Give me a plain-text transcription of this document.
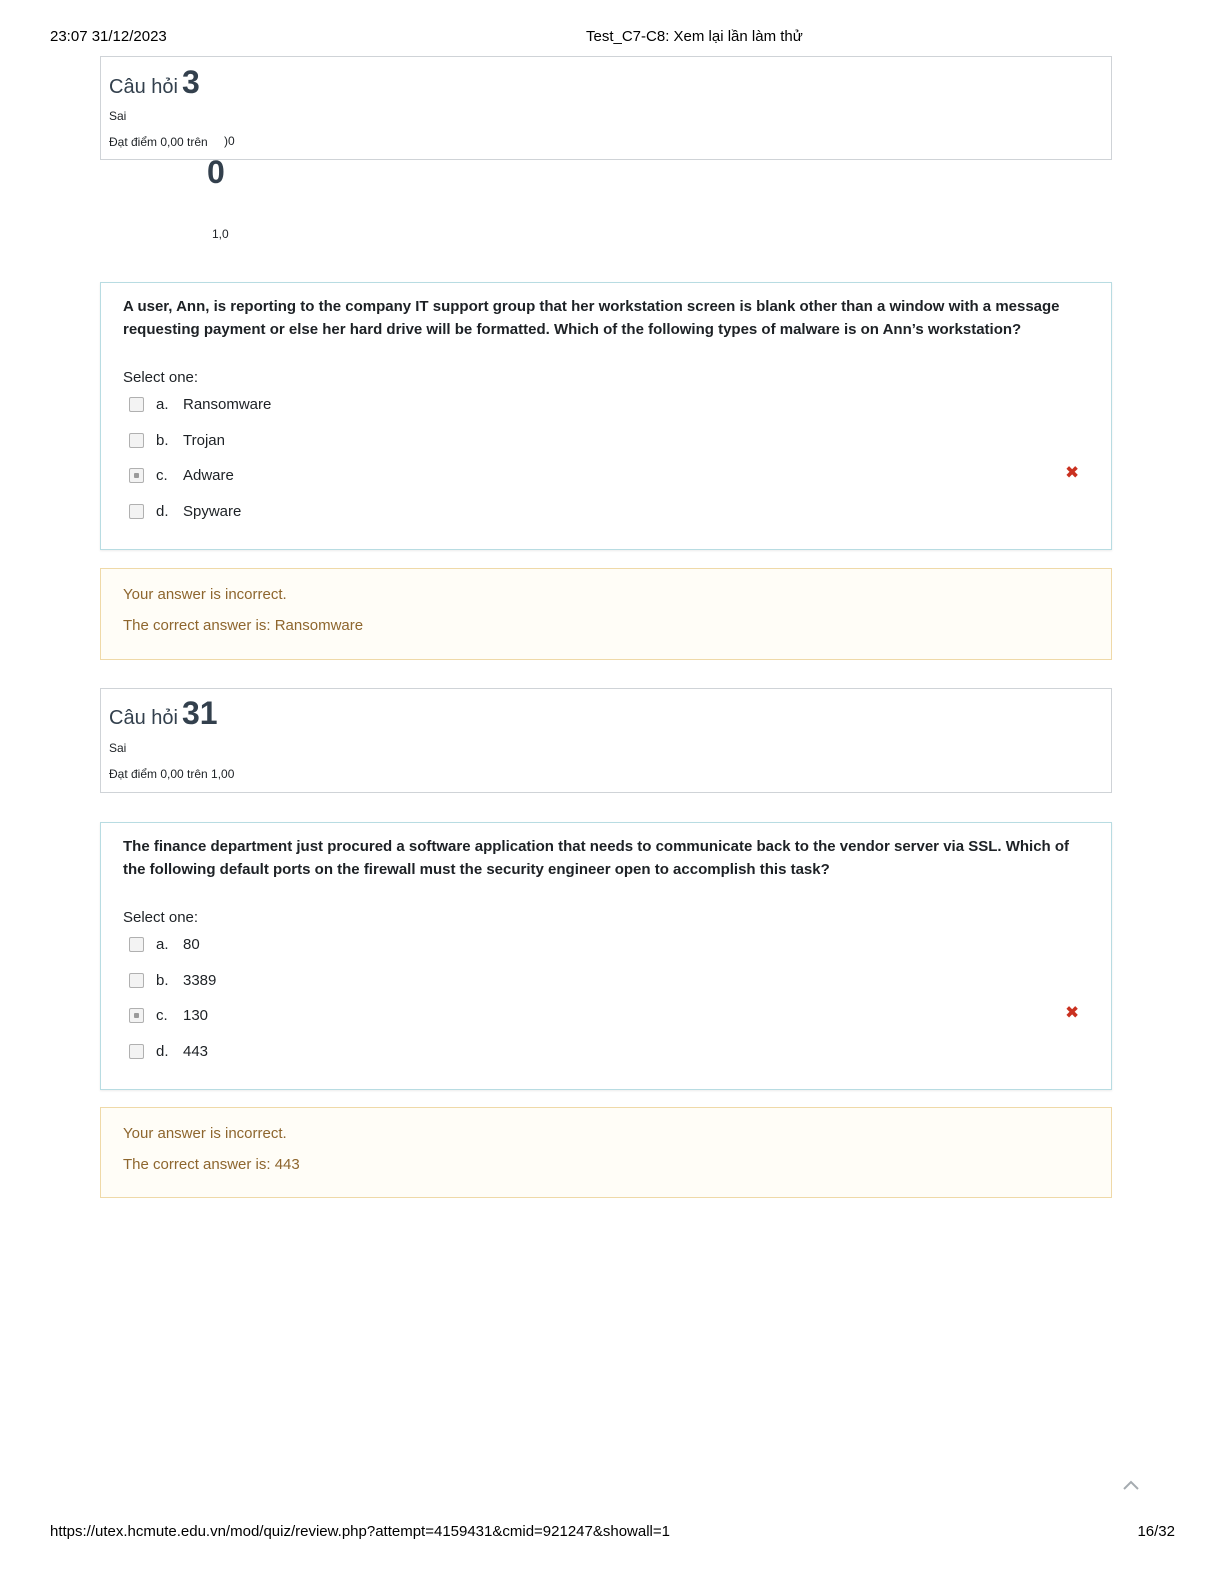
23:07 31/12/2023	Test_C7-C8: Xem lại lần làm thử
Câu hỏi 3
Sai
Đạt điểm 0,00 trên )0
0
1,0
A user, Ann, is reporting to the company IT support group that her workstation screen is blank other than a window with a message requesting payment or else her hard drive will be formatted. Which of the following types of malware is on Ann’s workstation?
Select one:
a. Ransomware
b. Trojan
c. Adware
d. Spyware
✖
Your answer is incorrect.
The correct answer is: Ransomware
Câu hỏi 31
Sai
Đạt điểm 0,00 trên 1,00
The finance department just procured a software application that needs to communicate back to the vendor server via SSL. Which of the following default ports on the firewall must the security engineer open to accomplish this task?
Select one:
a. 80
b. 3389
c. 130
d. 443
✖
Your answer is incorrect.
The correct answer is: 443
https://utex.hcmute.edu.vn/mod/quiz/review.php?attempt=4159431&cmid=921247&showall=1	16/32
